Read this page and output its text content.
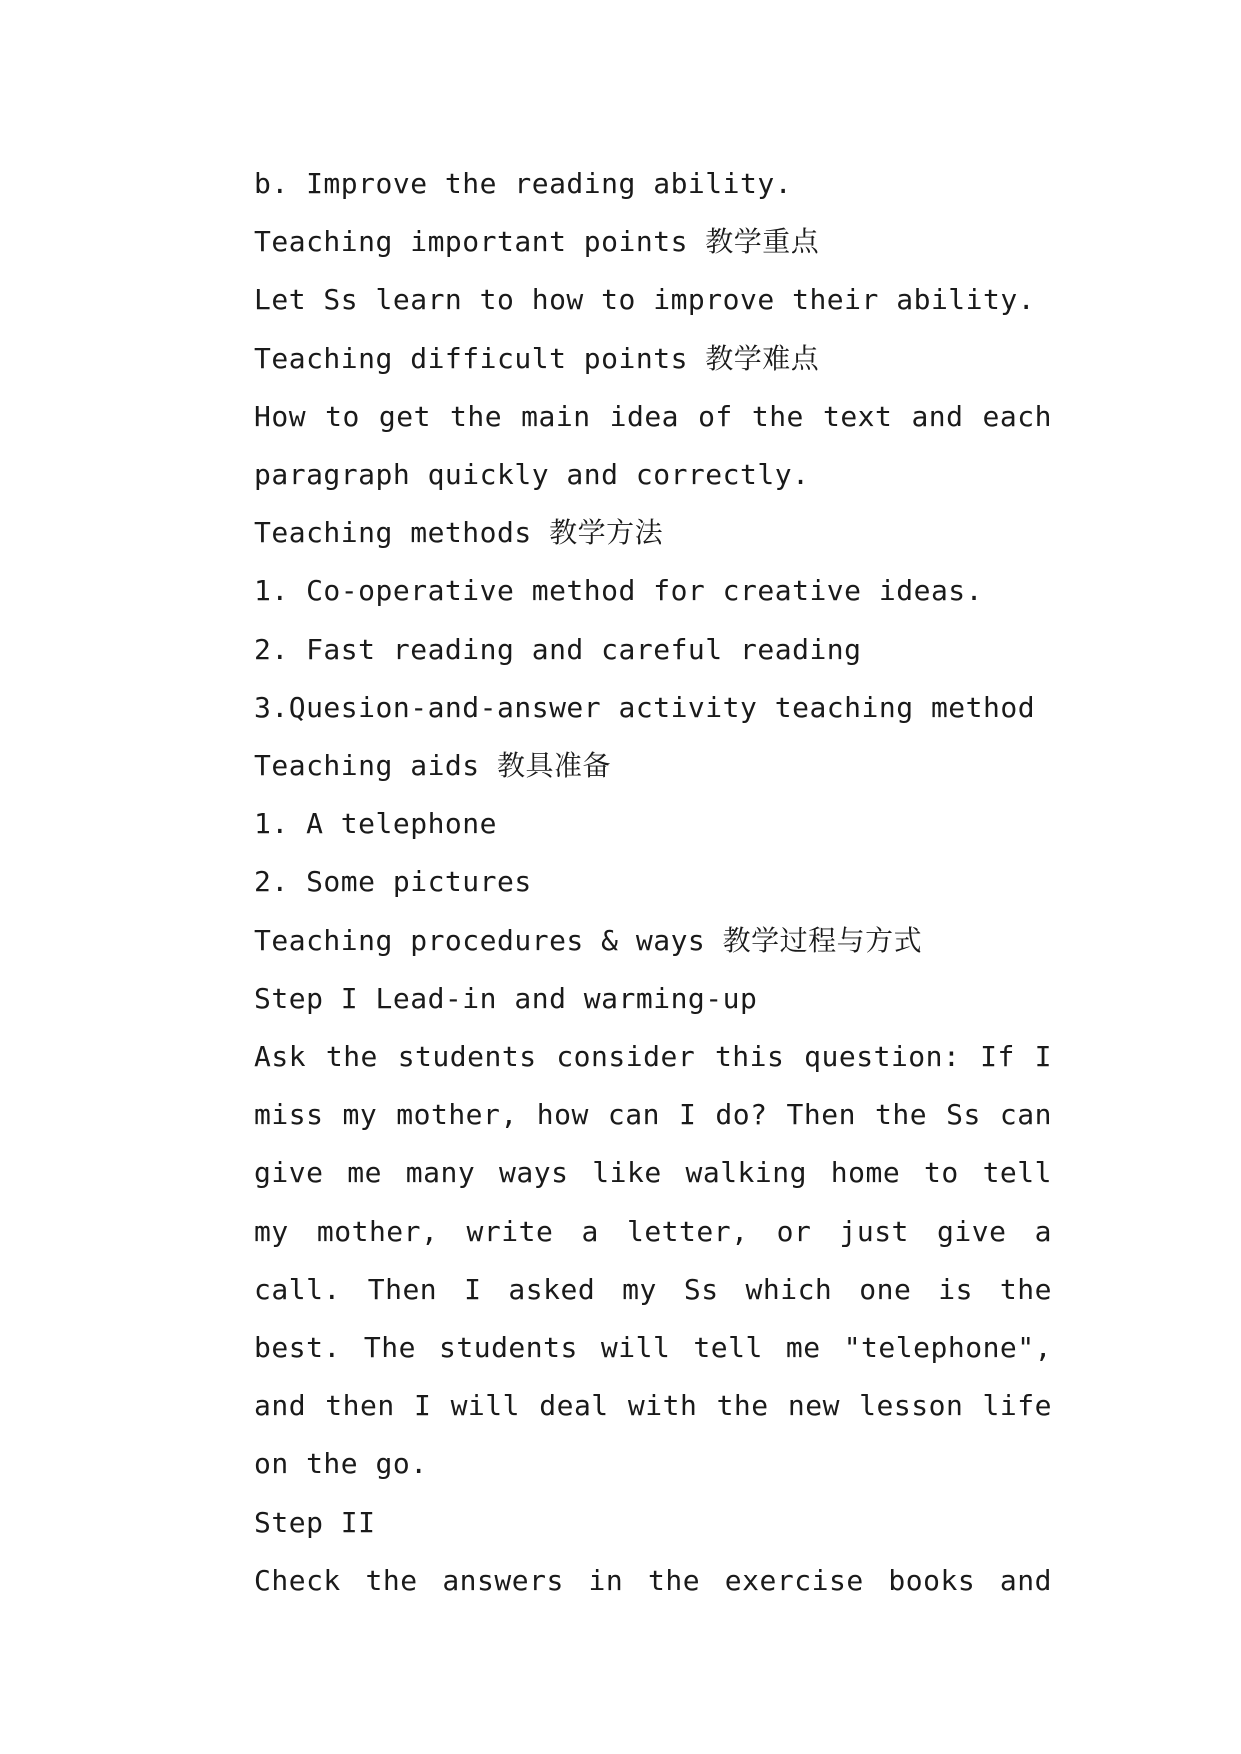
b. Improve the reading ability.

Teaching important points 教学重点

Let Ss learn to how to improve their ability.

Teaching difficult points 教学难点

How to get the main idea of the text and each paragraph quickly and correctly.

Teaching methods 教学方法

1. Co-operative method for creative ideas.

2. Fast reading and careful reading

3.Quesion-and-answer activity teaching method

Teaching aids 教具准备

1. A telephone

2. Some pictures

Teaching procedures & ways 教学过程与方式

Step I Lead-in and warming-up

Ask the students consider this question: If I miss my mother, how can I do? Then the Ss can give me many ways like walking home to tell my mother, write a letter, or just give a call. Then I asked my Ss which one is the best. The students will tell me "telephone", and then I will deal with the new lesson life on the go.

Step II

Check the answers in the exercise books and
